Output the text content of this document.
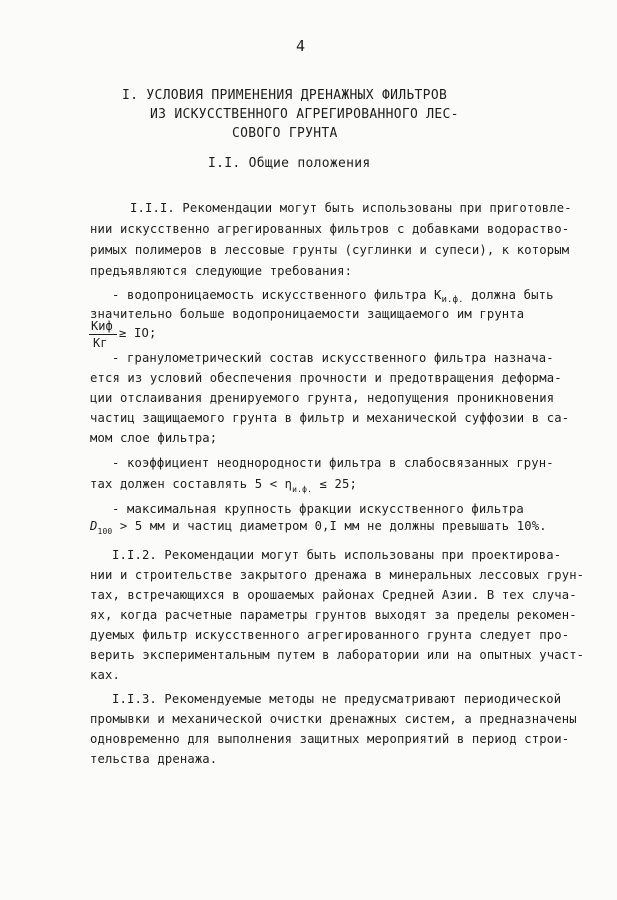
4
I. УСЛОВИЯ ПРИМЕНЕНИЯ ДРЕНАЖНЫХ ФИЛЬТРОВ
ИЗ ИСКУССТВЕННОГО АГРЕГИРОВАННОГО ЛЕС-
СОВОГО ГРУНТА
I.I. Общие положения
I.I.I. Рекомендации могут быть использованы при приготовле-
нии искусственно агрегированных фильтров с добавками водораство-
римых полимеров в лессовые грунты (суглинки и супеси), к которым
предъявляются следующие требования:
- водопроницаемость искусственного фильтра $К_{и.ф.}$ должна быть
значительно больше водопроницаемости защищаемого им грунта
Киф
Кг
≥ IO;
- гранулометрический состав искусственного фильтра назнача-
ется из условий обеспечения прочности и предотвращения деформа-
ции отслаивания дренируемого грунта, недопущения проникновения
частиц защищаемого грунта в фильтр и механической суффозии в са-
мом слое фильтра;
- коэффициент неоднородности фильтра в слабосвязанных грун-
тах должен составлять $5 < \eta_{и.ф.} \le 25$;
- максимальная крупность фракции искусственного фильтра
$D_{100} > 5$ мм и частиц диаметром 0,I мм не должны превышать 10%.
I.I.2. Рекомендации могут быть использованы при проектирова-
нии и строительстве закрытого дренажа в минеральных лессовых грун-
тах, встречающихся в орошаемых районах Средней Азии. В тех случа-
ях, когда расчетные параметры грунтов выходят за пределы рекомен-
дуемых фильтр искусственного агрегированного грунта следует про-
верить экспериментальным путем в лаборатории или на опытных участ-
ках.
I.I.3. Рекомендуемые методы не предусматривают периодической
промывки и механической очистки дренажных систем, а предназначены
одновременно для выполнения защитных мероприятий в период строи-
тельства дренажа.
